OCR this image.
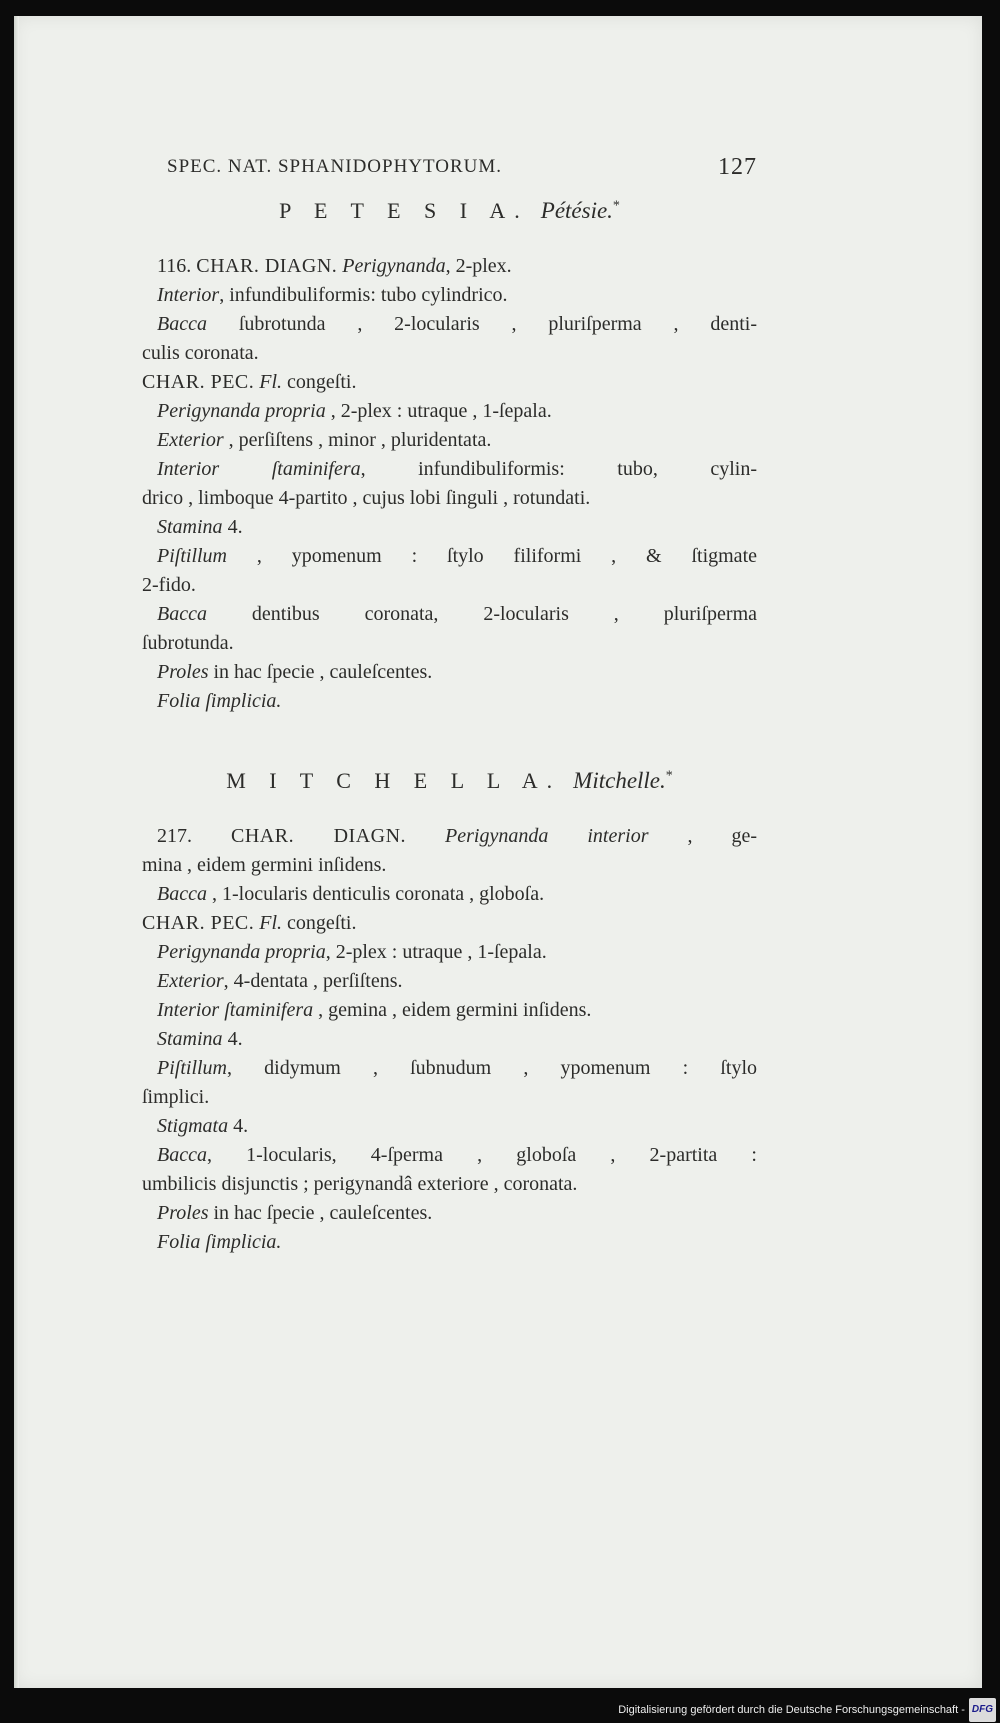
SPEC. NAT. SPHANIDOPHYTORUM.	127
P E T E S I A. Pétésie.*
116. CHAR. DIAGN. Perigynanda, 2-plex.
Interior, infundibuliformis: tubo cylindrico.
Bacca ſubrotunda , 2-locularis , pluriſperma , denti-
culis coronata.
CHAR. PEC. Fl. congeſti.
Perigynanda propria , 2-plex : utraque , 1-ſepala.
Exterior , perſiſtens , minor , pluridentata.
Interior ſtaminifera, infundibuliformis: tubo, cylin-
drico , limboque 4-partito , cujus lobi ſinguli , rotundati.
Stamina 4.
Piſtillum , ypomenum : ſtylo filiformi , & ſtigmate
2-fido.
Bacca dentibus coronata, 2-locularis , pluriſperma
ſubrotunda.
Proles in hac ſpecie , cauleſcentes.
Folia ſimplicia.
M I T C H E L L A. Mitchelle.*
217. CHAR. DIAGN. Perigynanda interior , ge-
mina , eidem germini inſidens.
Bacca , 1-locularis denticulis coronata , globoſa.
CHAR. PEC. Fl. congeſti.
Perigynanda propria, 2-plex : utraque , 1-ſepala.
Exterior, 4-dentata , perſiſtens.
Interior ſtaminifera , gemina , eidem germini inſidens.
Stamina 4.
Piſtillum, didymum , ſubnudum , ypomenum : ſtylo
ſimplici.
Stigmata 4.
Bacca, 1-locularis, 4-ſperma , globoſa , 2-partita :
umbilicis disjunctis ; perigynandâ exteriore , coronata.
Proles in hac ſpecie , cauleſcentes.
Folia ſimplicia.
Digitalisierung gefördert durch die Deutsche Forschungsgemeinschaft - DFG
